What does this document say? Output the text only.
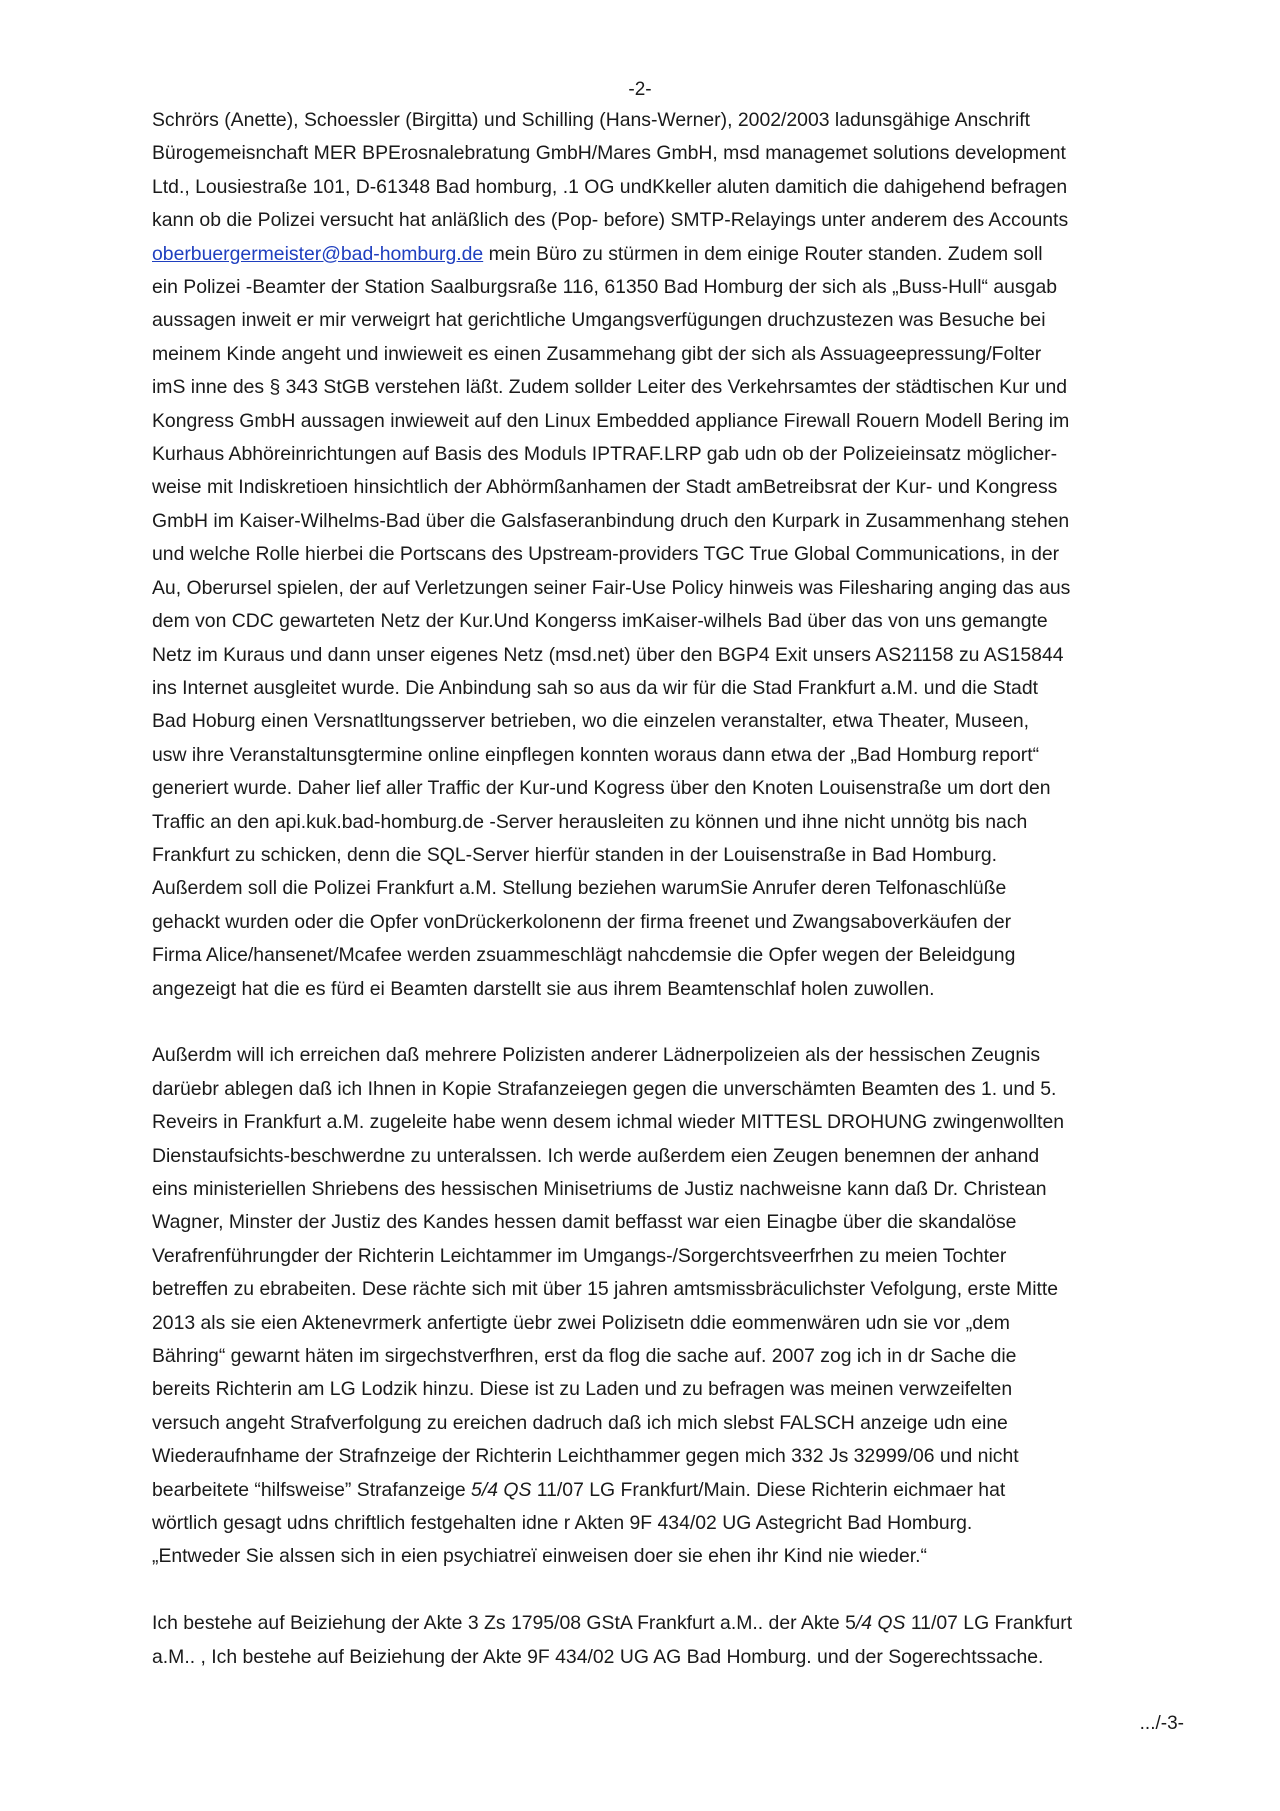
-2-
Schrörs (Anette), Schoessler (Birgitta) und Schilling (Hans-Werner), 2002/2003 ladunsgähige Anschrift
Bürogemeisnchaft MER BPErosnalebratung GmbH/Mares GmbH, msd managemet solutions development
Ltd., Lousiestraße 101, D-61348 Bad homburg, .1 OG undKkeller aluten damitich die dahigehend befragen
kann ob die Polizei versucht hat anläßlich des (Pop- before) SMTP-Relayings unter anderem des Accounts
oberbuergermeister@bad-homburg.de mein Büro zu stürmen in dem einige Router standen. Zudem soll
ein Polizei -Beamter der Station Saalburgsraße 116, 61350 Bad Homburg der sich als „Buss-Hull“ ausgab
aussagen inweit er mir verweigrt hat gerichtliche Umgangsverfügungen druchzustezen was Besuche bei
meinem Kinde angeht und inwieweit es einen Zusammehang gibt der sich als Assuageepressung/Folter
imS inne des § 343 StGB verstehen läßt. Zudem sollder Leiter des Verkehrsamtes der städtischen Kur und
Kongress GmbH aussagen inwieweit auf den Linux Embedded appliance Firewall Rouern Modell Bering im
Kurhaus Abhöreinrichtungen auf Basis des Moduls IPTRAF.LRP gab udn ob der Polizeieinsatz möglicher-
weise mit Indiskretioen hinsichtlich der Abhörmßanhamen der Stadt amBetreibsrat der Kur- und Kongress
GmbH im Kaiser-Wilhelms-Bad über die Galsfaseranbindung druch den Kurpark in Zusammenhang stehen
und welche Rolle hierbei die Portscans des Upstream-providers TGC True Global Communications, in der
Au, Oberursel spielen, der auf Verletzungen seiner Fair-Use Policy hinweis was Filesharing anging das aus
dem von CDC gewarteten Netz der Kur.Und Kongerss imKaiser-wilhels Bad über das von uns gemangte
Netz im Kuraus und dann unser eigenes Netz (msd.net) über den BGP4 Exit unsers AS21158 zu AS15844
ins Internet ausgleitet wurde. Die Anbindung sah so aus da wir für die Stad Frankfurt a.M. und die Stadt
Bad Hoburg einen Versnatltungsserver betrieben, wo die einzelen veranstalter, etwa Theater, Museen,
usw ihre Veranstaltunsgtermine online einpflegen konnten woraus dann etwa der „Bad Homburg report“
generiert wurde. Daher lief aller Traffic der Kur-und Kogress über den Knoten Louisenstraße um dort den
Traffic an den api.kuk.bad-homburg.de -Server herausleiten zu können und ihne nicht unnötg bis nach
Frankfurt zu schicken, denn die SQL-Server hierfür standen in der Louisenstraße in Bad Homburg.
Außerdem soll die Polizei Frankfurt a.M. Stellung beziehen warumSie Anrufer deren Telfonaschlüße
gehackt wurden oder die Opfer vonDrückerkolonenn der firma freenet und Zwangsaboverkäufen der
Firma Alice/hansenet/Mcafee werden zsuammeschlägt nahcdemsie die Opfer wegen der Beleidgung
angezeigt hat die es fürd ei Beamten darstellt sie aus ihrem Beamtenschlaf holen zuwollen.
Außerdm will ich erreichen daß mehrere Polizisten anderer Lädnerpolizeien als der hessischen Zeugnis
darüebr ablegen daß ich Ihnen in Kopie Strafanzeiegen gegen die unverschämten Beamten des 1. und 5.
Reveirs in Frankfurt a.M. zugeleite habe wenn desem ichmal wieder MITTESL DROHUNG zwingenwollten
Dienstaufsichts-beschwerdne zu unteralssen. Ich werde außerdem eien Zeugen benemnen der anhand
eins ministeriellen Shriebens des hessischen Minisetriums de Justiz nachweisne kann daß Dr. Christean
Wagner, Minster der Justiz des Kandes hessen damit beffasst war eien Einagbe über die skandalöse
Verafrenführungder der Richterin Leichtammer im Umgangs-/Sorgerchtsveerfrhen zu meien Tochter
betreffen zu ebrabeiten. Dese rächte sich mit über 15 jahren amtsmissbräculichster Vefolgung, erste Mitte
2013 als sie eien Aktenevrmerk anfertigte üebr zwei Polizisetn ddie eommenwären udn sie vor „dem
Bähring“ gewarnt häten im sirgechstverfhren, erst da flog die sache auf. 2007 zog ich in dr Sache die
bereits Richterin am LG Lodzik hinzu. Diese ist zu Laden und zu befragen was meinen verwzeifelten
versuch angeht Strafverfolgung zu ereichen dadruch daß ich mich slebst FALSCH anzeige udn eine
Wiederaufnhame der Strafnzeige der Richterin Leichthammer gegen mich 332 Js 32999/06 und nicht
bearbeitete “hilfsweise” Strafanzeige 5/4 QS 11/07 LG Frankfurt/Main. Diese Richterin eichmaer hat
wörtlich gesagt udns chriftlich festgehalten idne r Akten 9F 434/02 UG Astegricht Bad Homburg.
„Entweder Sie alssen sich in eien psychiatreï einweisen doer sie ehen ihr Kind nie wieder.“
Ich bestehe auf Beiziehung der Akte 3 Zs 1795/08 GStA Frankfurt a.M.. der Akte 5/4 QS 11/07 LG Frankfurt
a.M.. , Ich bestehe auf Beiziehung der Akte 9F 434/02 UG AG Bad Homburg. und der Sogerechtssache.
.../-3-
